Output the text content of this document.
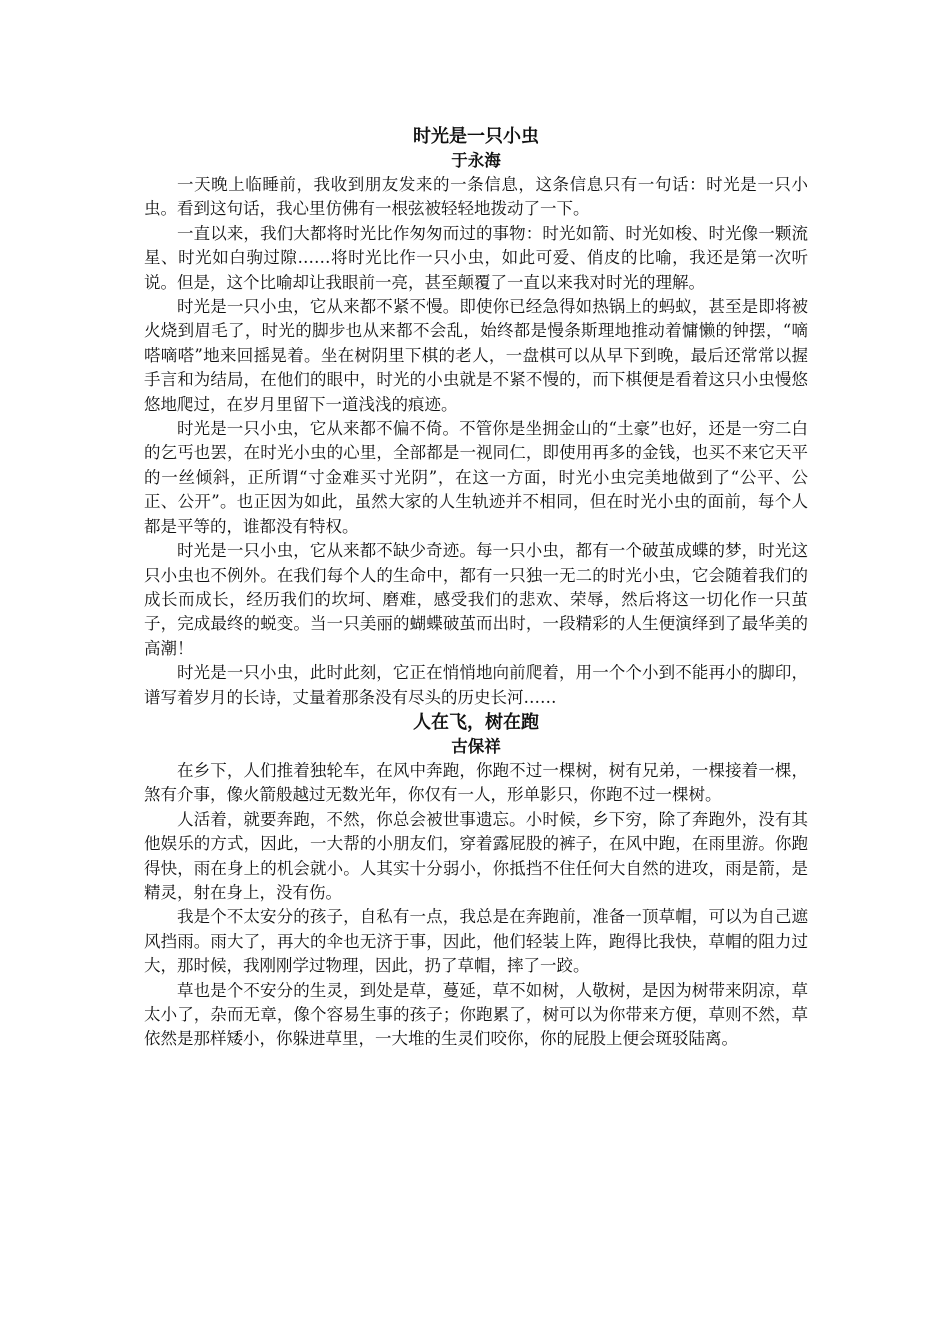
时光是一只小虫
于永海

一天晚上临睡前，我收到朋友发来的一条信息，这条信息只有一句话：时光是一只小虫。看到这句话，我心里仿佛有一根弦被轻轻地拨动了一下。

一直以来，我们大都将时光比作匆匆而过的事物：时光如箭、时光如梭、时光像一颗流星、时光如白驹过隙……将时光比作一只小虫，如此可爱、俏皮的比喻，我还是第一次听说。但是，这个比喻却让我眼前一亮，甚至颠覆了一直以来我对时光的理解。

时光是一只小虫，它从来都不紧不慢。即使你已经急得如热锅上的蚂蚁，甚至是即将被火烧到眉毛了，时光的脚步也从来都不会乱，始终都是慢条斯理地推动着慵懒的钟摆，“嘀嗒嘀嗒”地来回摇晃着。坐在树阴里下棋的老人，一盘棋可以从早下到晚，最后还常常以握手言和为结局，在他们的眼中，时光的小虫就是不紧不慢的，而下棋便是看着这只小虫慢悠悠地爬过，在岁月里留下一道浅浅的痕迹。

时光是一只小虫，它从来都不偏不倚。不管你是坐拥金山的“土豪”也好，还是一穷二白的乞丐也罢，在时光小虫的心里，全部都是一视同仁，即使用再多的金钱，也买不来它天平的一丝倾斜，正所谓“寸金难买寸光阴”，在这一方面，时光小虫完美地做到了“公平、公正、公开”。也正因为如此，虽然大家的人生轨迹并不相同，但在时光小虫的面前，每个人都是平等的，谁都没有特权。

时光是一只小虫，它从来都不缺少奇迹。每一只小虫，都有一个破茧成蝶的梦，时光这只小虫也不例外。在我们每个人的生命中，都有一只独一无二的时光小虫，它会随着我们的成长而成长，经历我们的坎坷、磨难，感受我们的悲欢、荣辱，然后将这一切化作一只茧子，完成最终的蜕变。当一只美丽的蝴蝶破茧而出时，一段精彩的人生便演绎到了最华美的高潮！

时光是一只小虫，此时此刻，它正在悄悄地向前爬着，用一个个小到不能再小的脚印，谱写着岁月的长诗，丈量着那条没有尽头的历史长河……

人在飞，树在跑
古保祥

在乡下，人们推着独轮车，在风中奔跑，你跑不过一棵树，树有兄弟，一棵接着一棵，煞有介事，像火箭般越过无数光年，你仅有一人，形单影只，你跑不过一棵树。

人活着，就要奔跑，不然，你总会被世事遗忘。小时候，乡下穷，除了奔跑外，没有其他娱乐的方式，因此，一大帮的小朋友们，穿着露屁股的裤子，在风中跑，在雨里游。你跑得快，雨在身上的机会就小。人其实十分弱小，你抵挡不住任何大自然的进攻，雨是箭，是精灵，射在身上，没有伤。

我是个不太安分的孩子，自私有一点，我总是在奔跑前，准备一顶草帽，可以为自己遮风挡雨。雨大了，再大的伞也无济于事，因此，他们轻装上阵，跑得比我快，草帽的阻力过大，那时候，我刚刚学过物理，因此，扔了草帽，摔了一跤。

草也是个不安分的生灵，到处是草，蔓延，草不如树，人敬树，是因为树带来阴凉，草太小了，杂而无章，像个容易生事的孩子；你跑累了，树可以为你带来方便，草则不然，草依然是那样矮小，你躲进草里，一大堆的生灵们咬你，你的屁股上便会斑驳陆离。
